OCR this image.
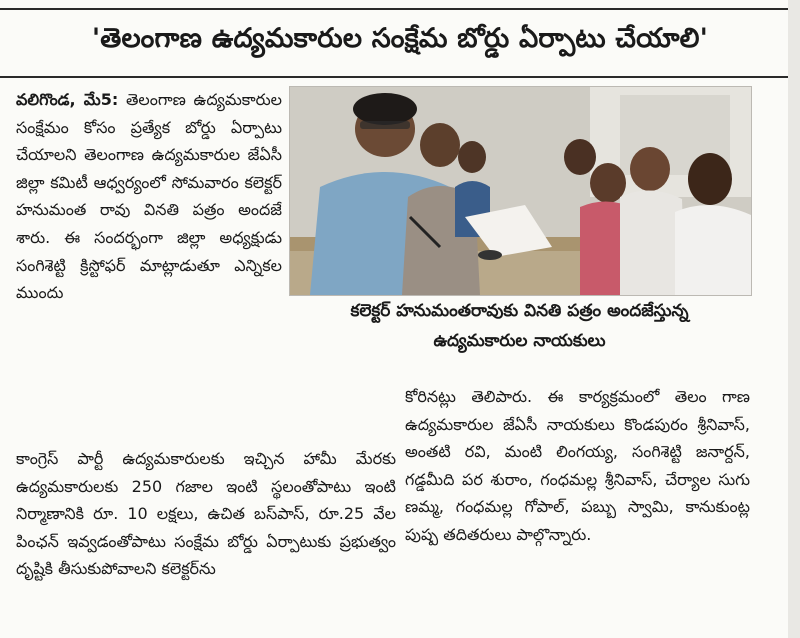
'తెలంగాణ ఉద్యమకారుల సంక్షేమ బోర్డు ఏర్పాటు చేయాలి'
వలిగొండ, మే5: తెలంగాణ ఉద్యమకారుల సంక్షేమం కోసం ప్రత్యేక బోర్డు ఏర్పాటు చేయాలని తెలంగాణ ఉద్యమకారుల జేఏసీ జిల్లా కమిటీ ఆధ్వర్యంలో సోమవారం కలెక్టర్ హనుమంత రావు వినతి పత్రం అందజే శారు. ఈ సందర్భంగా జిల్లా అధ్యక్షుడు సంగిశెట్టి క్రిస్టోఫర్ మాట్లాడుతూ ఎన్నికల ముందు
కలెక్టర్ హనుమంతరావుకు వినతి పత్రం అందజేస్తున్న
ఉద్యమకారుల నాయకులు
కాంగ్రెస్ పార్టీ ఉద్యమకారులకు ఇచ్చిన హామీ మేరకు ఉద్యమకారులకు 250 గజాల ఇంటి స్థలంతోపాటు ఇంటి నిర్మాణానికి రూ. 10 లక్షలు, ఉచిత బస్‌పాస్, రూ.25 వేల పింఛన్ ఇవ్వడంతోపాటు సంక్షేమ బోర్డు ఏర్పాటుకు ప్రభుత్వం దృష్టికి తీసుకుపోవాలని కలెక్టర్‌ను
కోరినట్లు తెలిపారు. ఈ కార్యక్రమంలో తెలం గాణ ఉద్యమకారుల జేఏసీ నాయకులు కొండపురం శ్రీనివాస్, అంతటి రవి, మంటి లింగయ్య, సంగిశెట్టి జనార్దన్, గడ్డమీది పర శురాం, గంధమల్ల శ్రీనివాస్, చేర్యాల సుగు ణమ్మ, గంధమల్ల గోపాల్, పబ్బు స్వామి, కానుకుంట్ల పుష్ప తదితరులు పాల్గొన్నారు.
